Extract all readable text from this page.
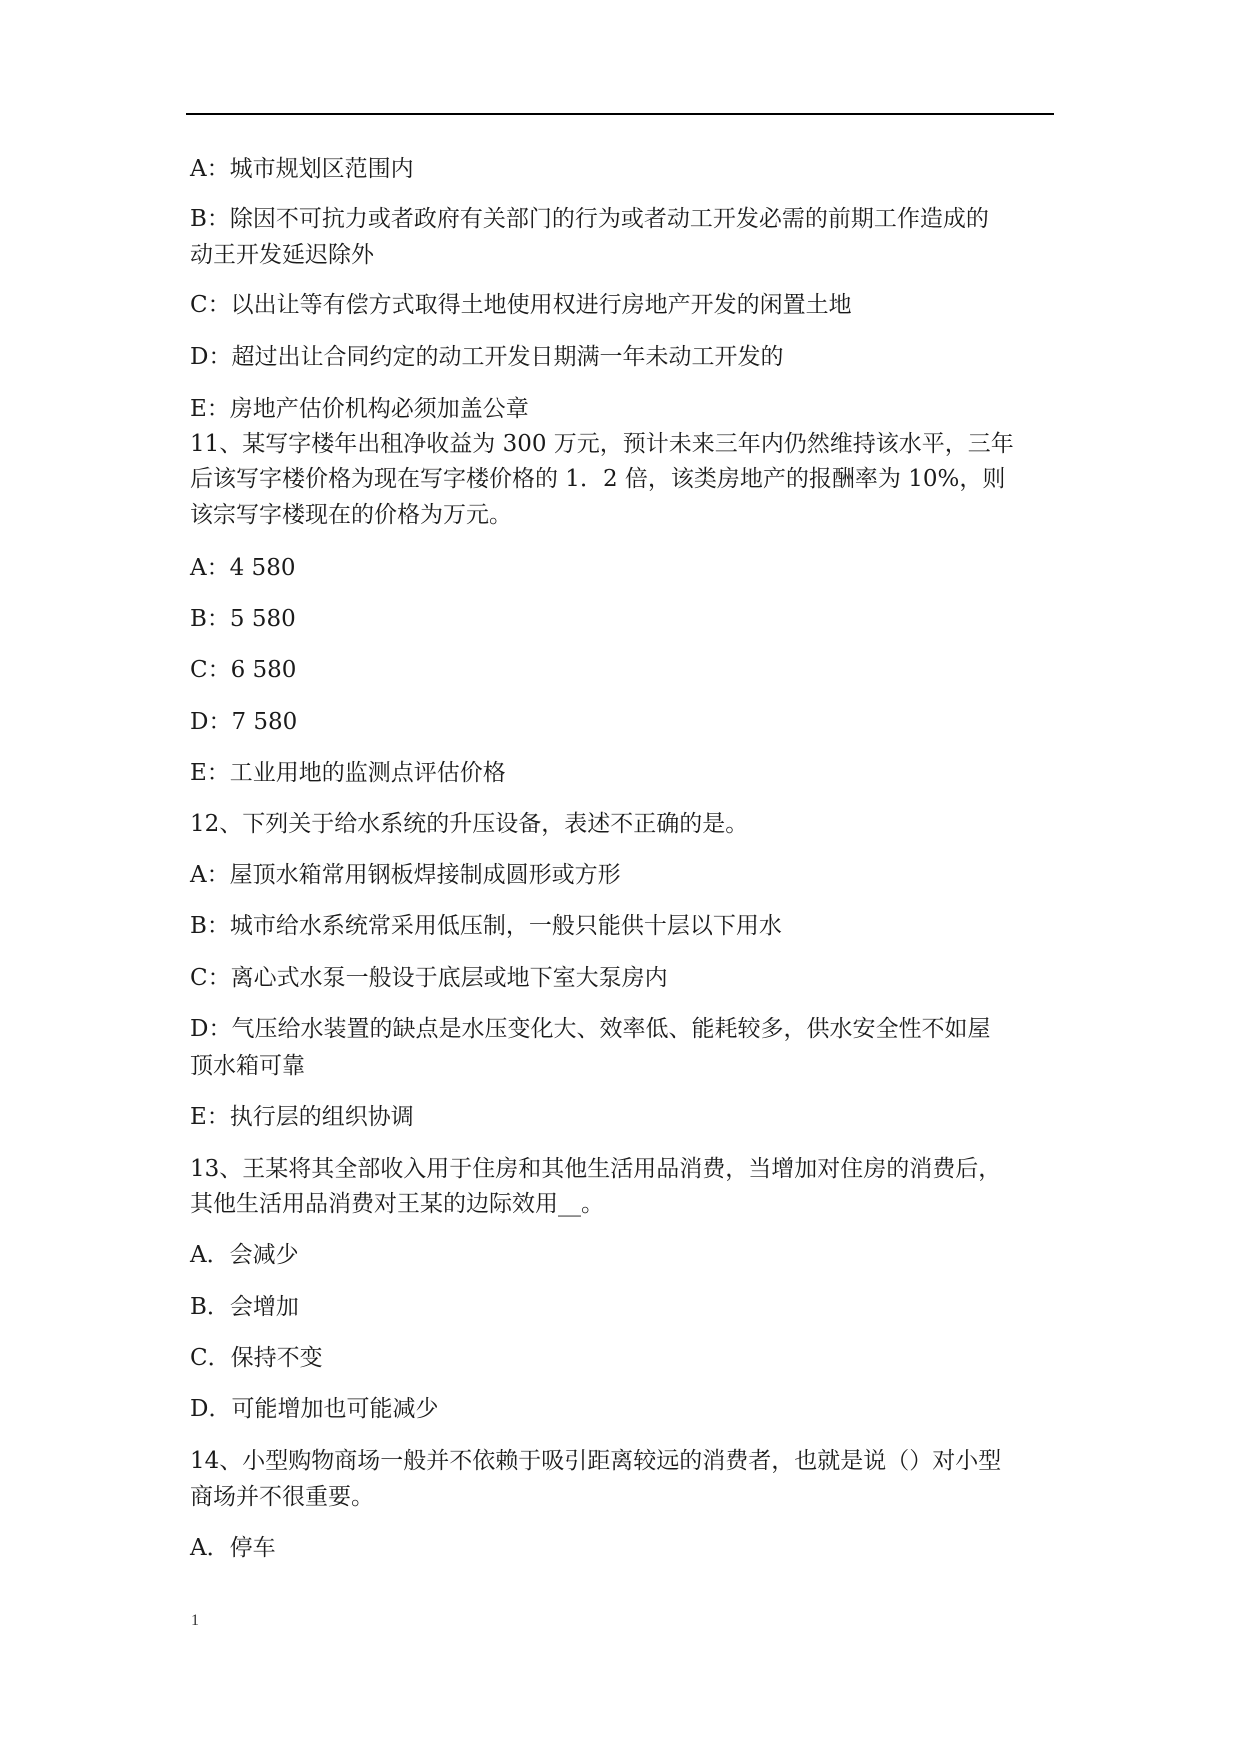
A：城市规划区范围内
B：除因不可抗力或者政府有关部门的行为或者动工开发必需的前期工作造成的
动王开发延迟除外
C：以出让等有偿方式取得土地使用权进行房地产开发的闲置土地
D：超过出让合同约定的动工开发日期满一年未动工开发的
E：房地产估价机构必须加盖公章
11、某写字楼年出租净收益为 300 万元，预计未来三年内仍然维持该水平，三年
后该写字楼价格为现在写字楼价格的 1．2 倍，该类房地产的报酬率为 10%，则
该宗写字楼现在的价格为万元。
A：4 580
B：5 580
C：6 580
D：7 580
E：工业用地的监测点评估价格
12、下列关于给水系统的升压设备，表述不正确的是。
A：屋顶水箱常用钢板焊接制成圆形或方形
B：城市给水系统常采用低压制，一般只能供十层以下用水
C：离心式水泵一般设于底层或地下室大泵房内
D：气压给水装置的缺点是水压变化大、效率低、能耗较多，供水安全性不如屋
顶水箱可靠
E：执行层的组织协调
13、王某将其全部收入用于住房和其他生活用品消费，当增加对住房的消费后，
其他生活用品消费对王某的边际效用__。
A．会减少
B．会增加
C．保持不变
D．可能增加也可能减少
14、小型购物商场一般并不依赖于吸引距离较远的消费者，也就是说（）对小型
商场并不很重要。
A．停车
1
